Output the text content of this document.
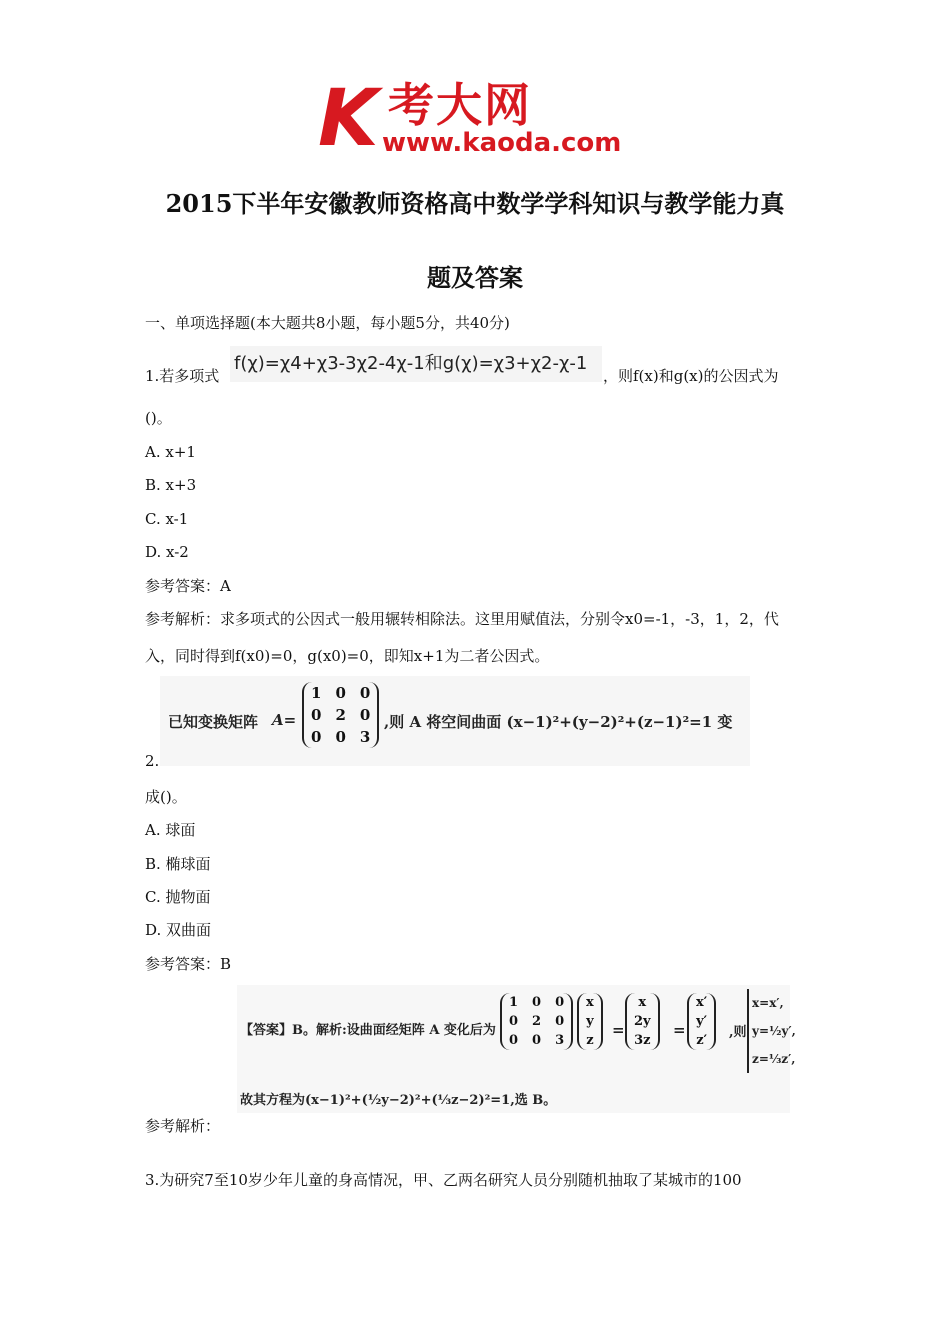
K 考大网
www.kaoda.com
2015下半年安徽教师资格高中数学学科知识与教学能力真
题及答案
一、单项选择题(本大题共8小题，每小题5分，共40分)
1.若多项式
f(χ)=χ4+χ3-3χ2-4χ-1和g(χ)=χ3+χ2-χ-1
，则f(x)和g(x)的公因式为
()。
A. x+1
B. x+3
C. x-1
D. x-2
参考答案：A
参考解析：求多项式的公因式一般用辗转相除法。这里用赋值法，分别令x0=-1，-3，1，2，代
入，同时得到f(x0)=0，g(x0)=0，即知x+1为二者公因式。
已知变换矩阵 A=
1	0	0
0	2	0
0	0	3
,则 A 将空间曲面 (x−1)²+(y−2)²+(z−1)²=1 变
2.
成()。
A. 球面
B. 椭球面
C. 抛物面
D. 双曲面
参考答案：B
【答案】B。解析:设曲面经矩阵 A 变化后为
1	0	0
0	2	0
0	0	3
x
y
z
=
x
2y
3z
=
x′
y′
z′
,则
x=x′,
y=½y′,
z=⅓z′,
故其方程为(x−1)²+(½y−2)²+(⅓z−2)²=1,选 B。
参考解析：
3.为研究7至10岁少年儿童的身高情况，甲、乙两名研究人员分别随机抽取了某城市的100
